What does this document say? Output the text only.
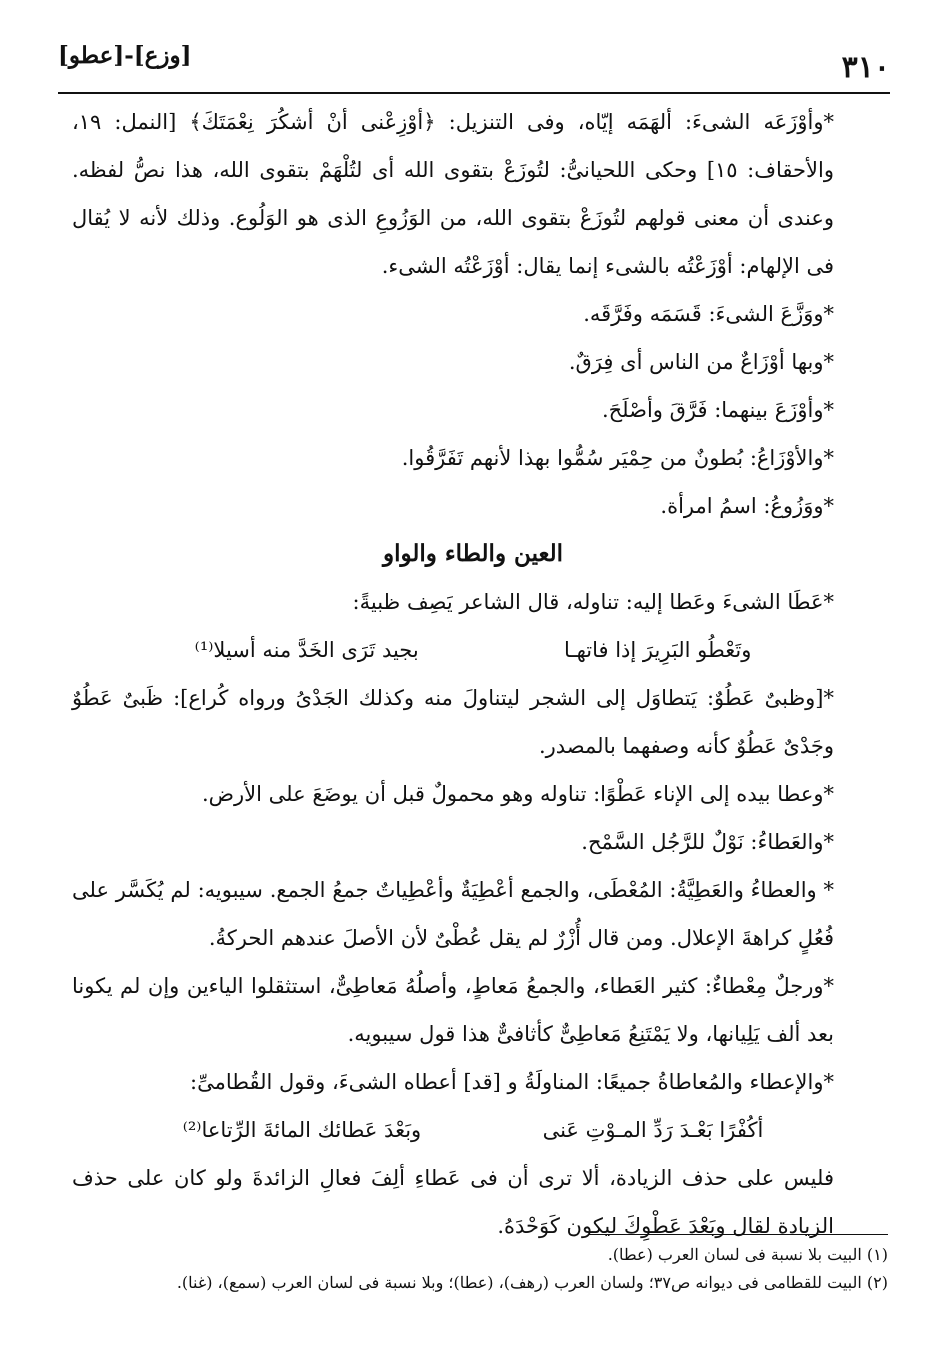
٣١٠
[وزع]-[عطو]

*وأوْزَعَه الشىءَ: ألهَمَه إيّاه، وفى التنزيل: ﴿أوْزِعْنى أنْ أشكُرَ نِعْمَتَكَ﴾ [النمل: ١٩، والأحقاف: ١٥] وحكى اللحيانىُّ: لتُوزَعْ بتقوى الله أى لتُلْهَمْ بتقوى الله، هذا نصُّ لفظه. وعندى أن معنى قولهم لتُوزَعْ بتقوى الله، من الوَزُوعِ الذى هو الوَلُوع. وذلك لأنه لا يُقال فى الإلهام: أوْزَعْتُه بالشىء إنما يقال: أوْزَعْتُه الشىء.

*ووَزَّعَ الشىءَ: قَسَمَه وفَرَّقَه.

*وبها أوْزَاعٌ من الناس أى فِرَقٌ.

*وأوْزَعَ بينهما: فَرَّقَ وأصْلَحَ.

*والأوْزَاعُ: بُطونٌ من حِمْيَر سُمُّوا بهذا لأنهم تَفَرَّقُوا.

*ووَزُوعُ: اسمُ امرأة.

العين والطاء والواو

*عَطَا الشىءَ وعَطا إليه: تناوله، قال الشاعر يَصِف ظبيةً:

وتَعْطُو البَرِيرَ إذا فاتهـا
بجيد تَرَى الخَدَّ منه أسيلا⁽¹⁾

*[وظبىٌ عَطُوٌ: يَتطاوَل إلى الشجر ليتناولَ منه وكذلك الجَدْىُ ورواه كُراع]: ظَبىٌ عَطُوٌ وجَدْىٌ عَطُوٌ كأنه وصفهما بالمصدر.

*وعطا بيده إلى الإناء عَطْوًا: تناوله وهو محمولٌ قبل أن يوضَعَ على الأرض.

*والعَطاءُ: نَوْلٌ للرَّجُل السَّمْح.

* والعطاءُ والعَطِيَّةُ: المُعْطَى، والجمع أعْطِيَةٌ وأعْطِياتٌ جمعُ الجمع. سيبويه: لم يُكَسَّر على فُعُلٍ كراهةَ الإعلال. ومن قال أُزْرٌ لم يقل عُطْىٌ لأن الأصلَ عندهم الحركةُ.

*ورجلٌ مِعْطاءٌ: كثير العَطاء، والجمعُ مَعاطٍ، وأصلُهُ مَعاطِىٌّ، استثقلوا الياءين وإن لم يكونا بعد ألف يَلِيانها، ولا يَمْتَنِعُ مَعاطِىٌّ كأثافىٌّ هذا قول سيبويه.

*والإعطاء والمُعاطاةُ جميعًا: المناولَةُ و [قد] أعطاه الشىءَ، وقول القُطامىِّ:

أكُفْرًا بَعْـدَ رَدِّ المـوْتِ عَنى
وبَعْدَ عَطائك المائةَ الرِّتاعا⁽²⁾

فليس على حذف الزيادة، ألا ترى أن فى عَطاءِ ألِفَ فعالِ الزائدةَ ولو كان على حذف الزيادة لقال وبَعْدَ عَطْوِكَ ليكون كَوَحْدَهُ.

(١) البيت بلا نسبة فى لسان العرب (عطا).

(٢) البيت للقطامى فى ديوانه ص٣٧؛ ولسان العرب (رهف)، (عطا)؛ وبلا نسبة فى لسان العرب (سمع)، (غنا).
